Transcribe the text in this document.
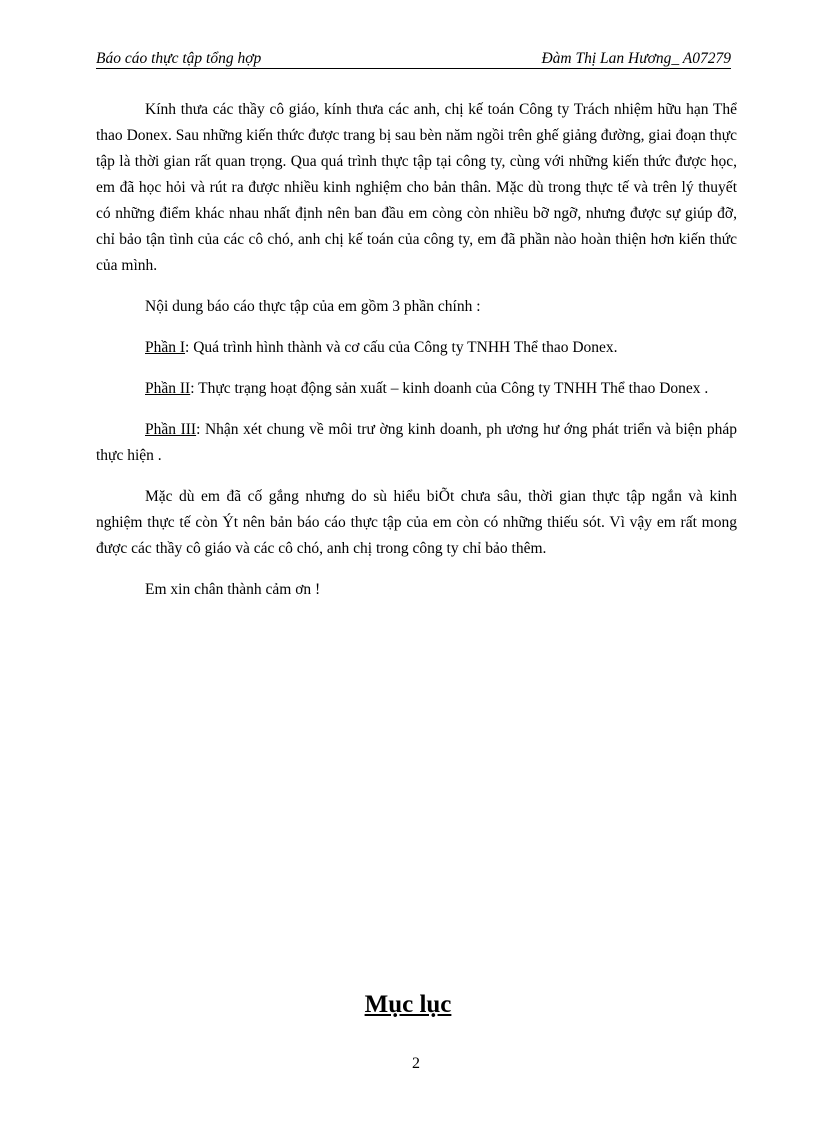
Báo cáo thực tập tổng hợp	Đàm Thị Lan Hương_ A07279

Kính thưa các thầy cô giáo, kính thưa các anh, chị kế toán Công ty Trách nhiệm hữu hạn Thể thao Donex. Sau những kiến thức được trang bị sau bèn năm ngồi trên ghế giảng đường, giai đoạn thực tập là thời gian rất quan trọng. Qua quá trình thực tập tại công ty, cùng với những kiến thức được học, em đã học hỏi và rút ra được nhiều kinh nghiệm cho bản thân. Mặc dù trong thực tế và trên lý thuyết có những điểm khác nhau nhất định nên ban đầu em còng còn nhiều bỡ ngỡ, nhưng được sự giúp đỡ, chỉ bảo tận tình của các cô chó, anh chị kế toán của công ty, em đã phần nào hoàn thiện hơn kiến thức của mình.

Nội dung báo cáo thực tập của em gồm 3 phần chính :

Phần I: Quá trình hình thành và cơ cấu của Công ty TNHH Thể thao Donex.

Phần II: Thực trạng hoạt động sản xuất – kinh doanh của Công ty TNHH Thể thao Donex .

Phần III: Nhận xét chung về môi trư ờng kinh doanh, ph ương hư ớng phát triển và biện pháp thực hiện .

Mặc dù em đã cố gắng nhưng do sù hiểu biÕt chưa sâu, thời gian thực tập ngắn và kinh nghiệm thực tế còn Ýt nên bản báo cáo thực tập của em còn có những thiếu sót. Vì vậy em rất mong được các thầy cô giáo và các cô chó, anh chị trong công ty chỉ bảo thêm.

Em xin chân thành cảm ơn !

Mục lục
2
